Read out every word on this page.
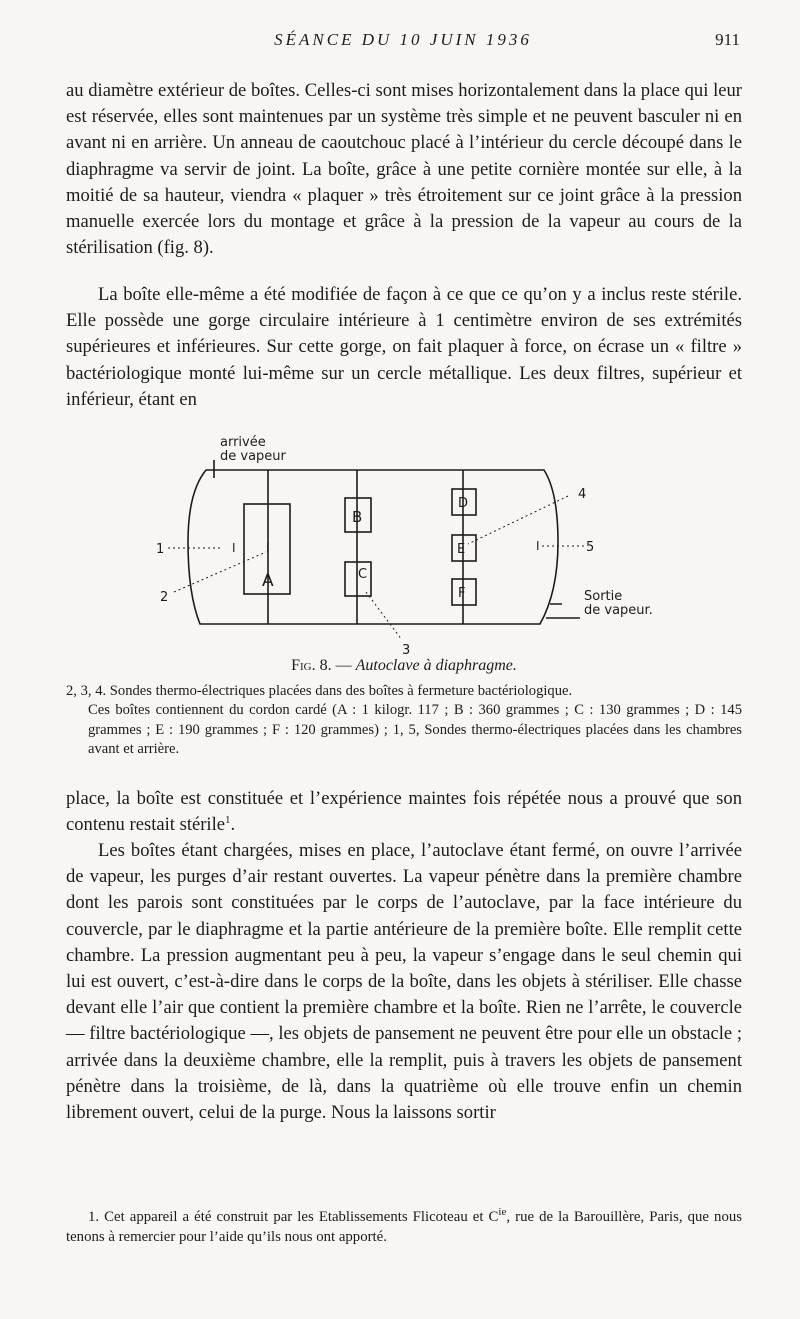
SÉANCE DU 10 JUIN 1936	911

au diamètre extérieur de boîtes. Celles-ci sont mises horizontalement dans la place qui leur est réservée, elles sont maintenues par un système très simple et ne peuvent basculer ni en avant ni en arrière. Un anneau de caoutchouc placé à l’intérieur du cercle découpé dans le diaphragme va servir de joint. La boîte, grâce à une petite cornière montée sur elle, à la moitié de sa hauteur, viendra « plaquer » très étroitement sur ce joint grâce à la pression manuelle exercée lors du montage et grâce à la pression de la vapeur au cours de la stérilisation (fig. 8).

La boîte elle-même a été modifiée de façon à ce que ce qu’on y a inclus reste stérile. Elle possède une gorge circulaire intérieure à 1 centimètre environ de ses extrémités supérieures et inférieures. Sur cette gorge, on fait plaquer à force, on écrase un « filtre » bactériologique monté lui-même sur un cercle métallique. Les deux filtres, supérieur et inférieur, étant en

arrivée
de vapeur
Sortie
de vapeur.
A
B
C
D
E
F
I	I	I
1
2
3
4
5
Fig. 8. — Autoclave à diaphragme.
2, 3, 4. Sondes thermo-électriques placées dans des boîtes à fermeture bactériologique.
Ces boîtes contiennent du cordon cardé (A : 1 kilogr. 117 ; B : 360 grammes ; C : 130 grammes ; D : 145 grammes ; E : 190 grammes ; F : 120 grammes) ; 1, 5, Sondes thermo-électriques placées dans les chambres avant et arrière.

place, la boîte est constituée et l’expérience maintes fois répétée nous a prouvé que son contenu restait stérile$^1$.

Les boîtes étant chargées, mises en place, l’autoclave étant fermé, on ouvre l’arrivée de vapeur, les purges d’air restant ouvertes. La vapeur pénètre dans la première chambre dont les parois sont constituées par le corps de l’autoclave, par la face intérieure du couvercle, par le diaphragme et la partie antérieure de la première boîte. Elle remplit cette chambre. La pression augmentant peu à peu, la vapeur s’engage dans le seul chemin qui lui est ouvert, c’est-à-dire dans le corps de la boîte, dans les objets à stériliser. Elle chasse devant elle l’air que contient la première chambre et la boîte. Rien ne l’arrête, le couvercle — filtre bactériologique —, les objets de pansement ne peuvent être pour elle un obstacle ; arrivée dans la deuxième chambre, elle la remplit, puis à travers les objets de pansement pénètre dans la troisième, de là, dans la quatrième où elle trouve enfin un chemin librement ouvert, celui de la purge. Nous la laissons sortir

1. Cet appareil a été construit par les Etablissements Flicoteau et $C^{ie}$, rue de la Barouillère, Paris, que nous tenons à remercier pour l’aide qu’ils nous ont apporté.
